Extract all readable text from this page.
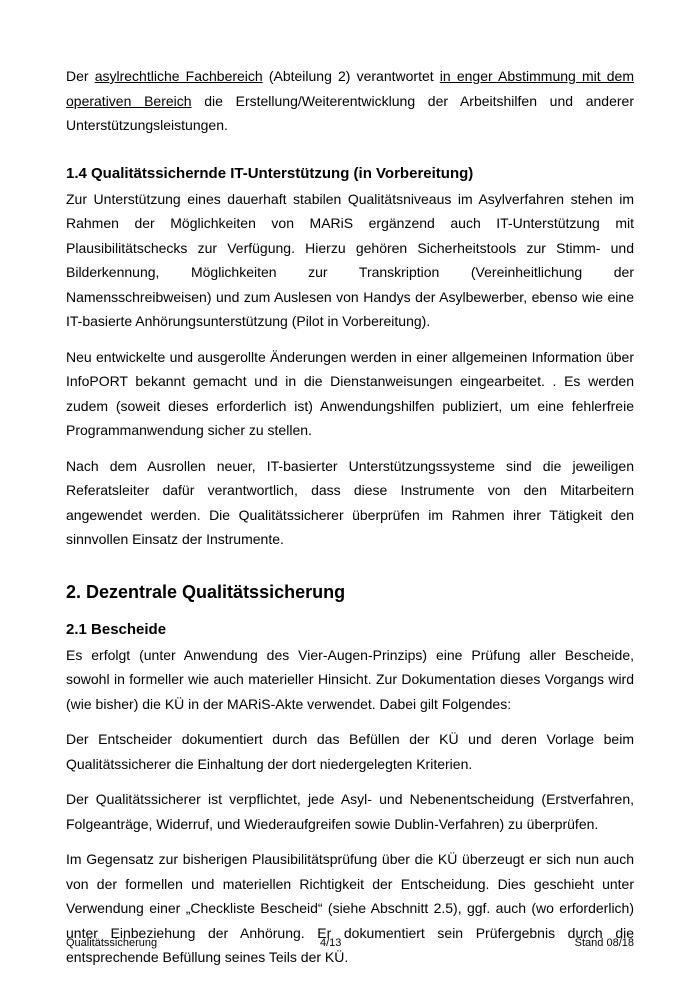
Der asylrechtliche Fachbereich (Abteilung 2) verantwortet in enger Abstimmung mit dem operativen Bereich die Erstellung/Weiterentwicklung der Arbeitshilfen und anderer Unterstützungsleistungen.

1.4 Qualitätssichernde IT-Unterstützung (in Vorbereitung)

Zur Unterstützung eines dauerhaft stabilen Qualitätsniveaus im Asylverfahren stehen im Rahmen der Möglichkeiten von MARiS ergänzend auch IT-Unterstützung mit Plausibilitätschecks zur Verfügung. Hierzu gehören Sicherheitstools zur Stimm- und Bilderkennung, Möglichkeiten zur Transkription (Vereinheitlichung der Namensschreibweisen) und zum Auslesen von Handys der Asylbewerber, ebenso wie eine IT-basierte Anhörungsunterstützung (Pilot in Vorbereitung).

Neu entwickelte und ausgerollte Änderungen werden in einer allgemeinen Information über InfoPORT bekannt gemacht und in die Dienstanweisungen eingearbeitet. . Es werden zudem (soweit dieses erforderlich ist) Anwendungshilfen publiziert, um eine fehlerfreie Programmanwendung sicher zu stellen.

Nach dem Ausrollen neuer, IT-basierter Unterstützungssysteme sind die jeweiligen Referatsleiter dafür verantwortlich, dass diese Instrumente von den Mitarbeitern angewendet werden. Die Qualitätssicherer überprüfen im Rahmen ihrer Tätigkeit den sinnvollen Einsatz der Instrumente.

2. Dezentrale Qualitätssicherung
2.1 Bescheide

Es erfolgt (unter Anwendung des Vier-Augen-Prinzips) eine Prüfung aller Bescheide, sowohl in formeller wie auch materieller Hinsicht. Zur Dokumentation dieses Vorgangs wird (wie bisher) die KÜ in der MARiS-Akte verwendet. Dabei gilt Folgendes:

Der Entscheider dokumentiert durch das Befüllen der KÜ und deren Vorlage beim Qualitätssicherer die Einhaltung der dort niedergelegten Kriterien.

Der Qualitätssicherer ist verpflichtet, jede Asyl- und Nebenentscheidung (Erstverfahren, Folgeanträge, Widerruf, und Wiederaufgreifen sowie Dublin-Verfahren) zu überprüfen.

Im Gegensatz zur bisherigen Plausibilitätsprüfung über die KÜ überzeugt er sich nun auch von der formellen und materiellen Richtigkeit der Entscheidung. Dies geschieht unter Verwendung einer „Checkliste Bescheid“ (siehe Abschnitt 2.5), ggf. auch (wo erforderlich) unter Einbeziehung der Anhörung. Er dokumentiert sein Prüfergebnis durch die entsprechende Befüllung seines Teils der KÜ.

Qualitätssicherung	4/13	Stand 08/18
